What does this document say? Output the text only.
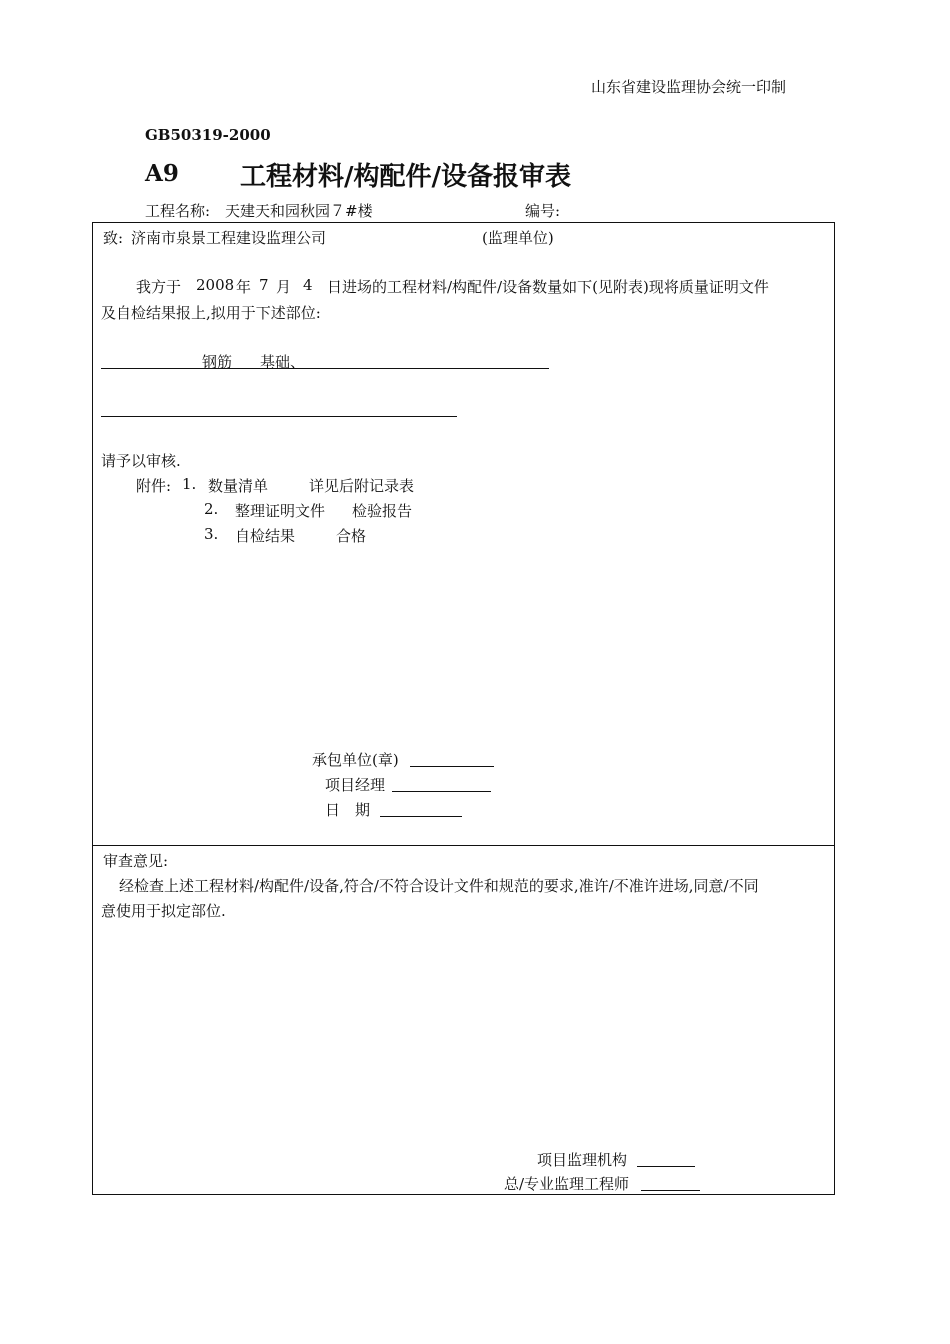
山东省建设监理协会统一印制
GB50319-2000
A9 工程材料/构配件/设备报审表
工程名称: 天建天和园秋园７#楼	编号:
致: 济南市泉景工程建设监理公司	(监理单位)
我方于 2008 年 7 月 4 日进场的工程材料/构配件/设备数量如下(见附表)现将质量证明文件
及自检结果报上,拟用于下述部位:
钢筋 基础、
请予以审核.
附件: 1. 数量清单	详见后附记录表
2. 整理证明文件 检验报告
3. 自检结果	合格
承包单位(章)
项目经理
日　期
审查意见:
经检查上述工程材料/构配件/设备,符合/不符合设计文件和规范的要求,准许/不准许进场,同意/不同
意使用于拟定部位.
项目监理机构
总/专业监理工程师
